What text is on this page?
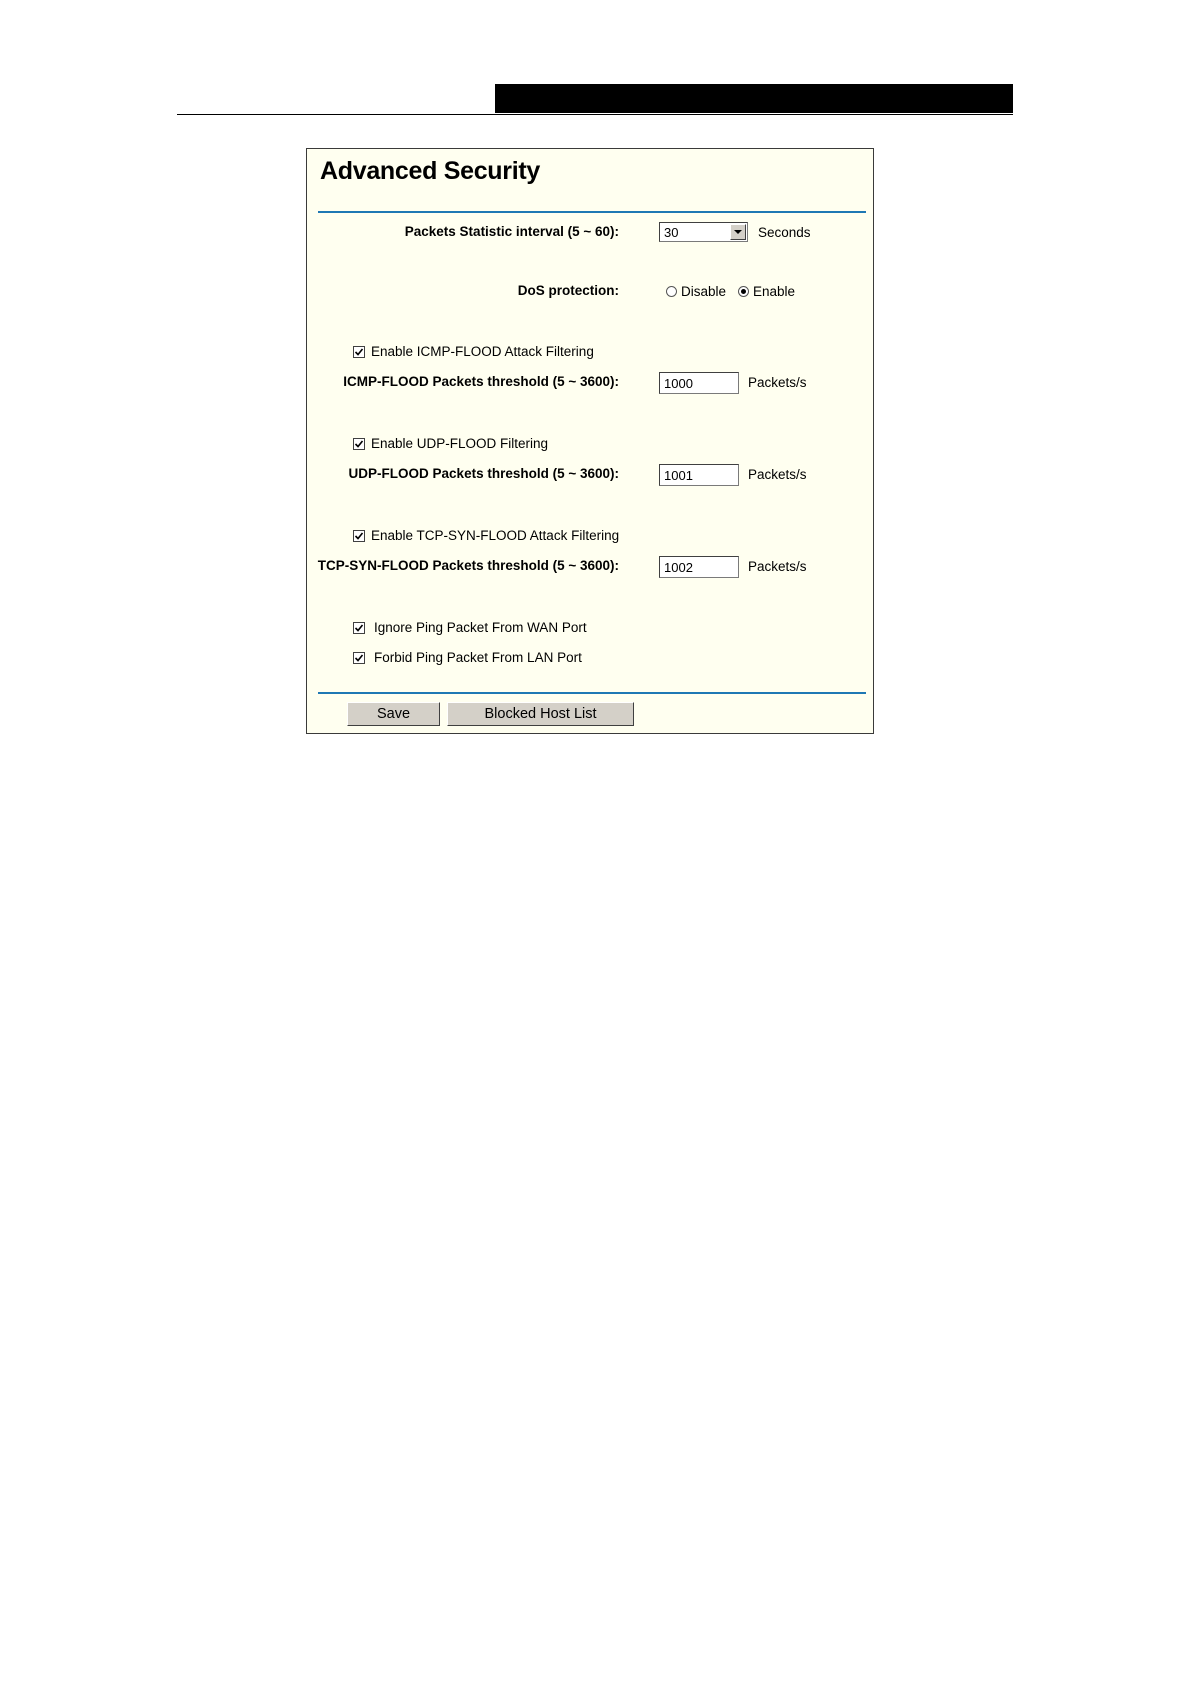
Advanced Security
Packets Statistic interval (5 ~ 60):	30	Seconds
DoS protection:	Disable Enable
Enable ICMP-FLOOD Attack Filtering
ICMP-FLOOD Packets threshold (5 ~ 3600):
1000	Packets/s
Enable UDP-FLOOD Filtering
UDP-FLOOD Packets threshold (5 ~ 3600):
1001	Packets/s
Enable TCP-SYN-FLOOD Attack Filtering
TCP-SYN-FLOOD Packets threshold (5 ~ 3600):
1002	Packets/s
Ignore Ping Packet From WAN Port
Forbid Ping Packet From LAN Port
Save	Blocked Host List
